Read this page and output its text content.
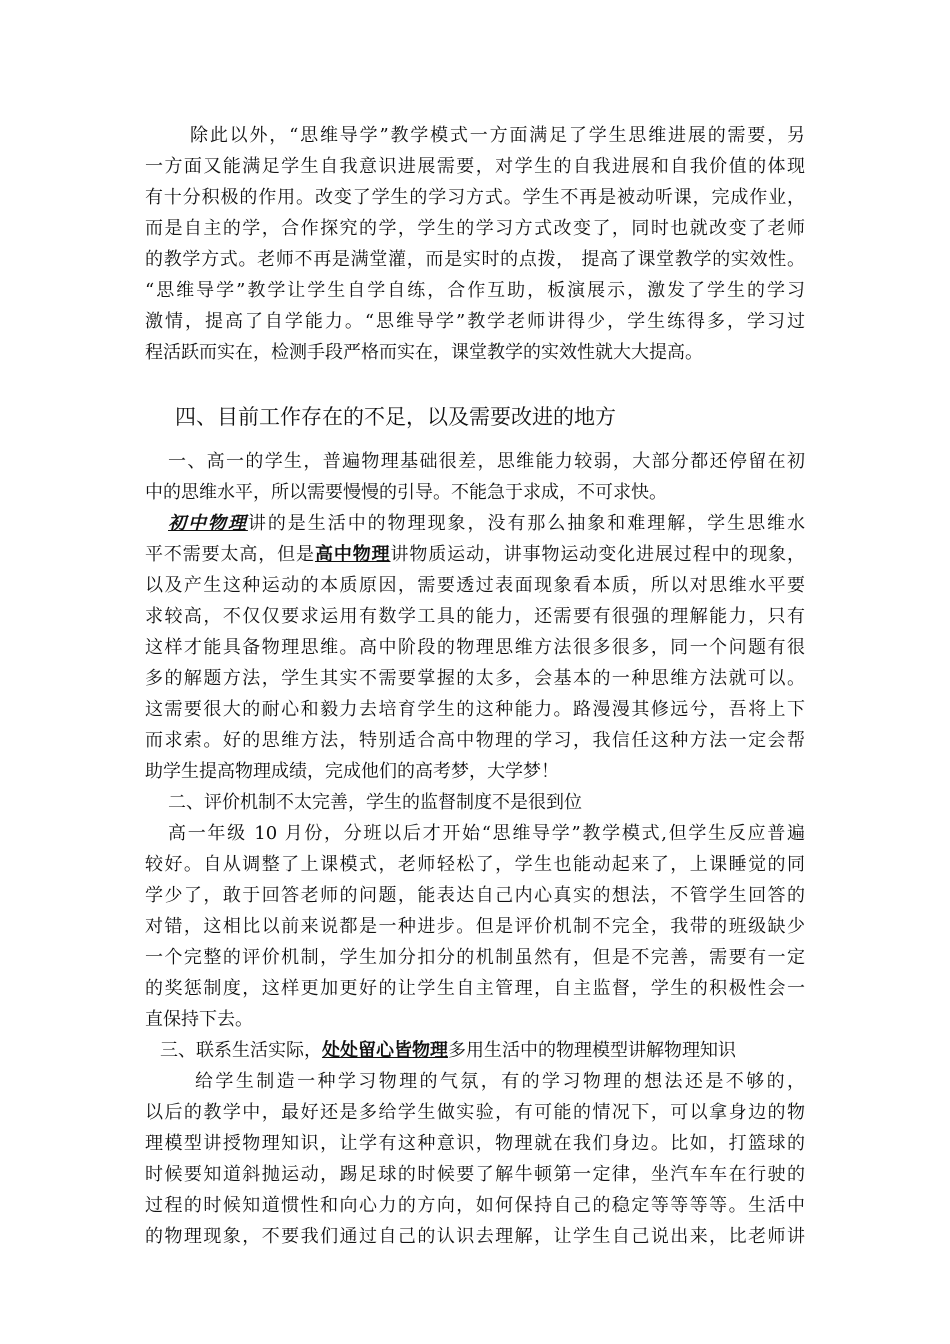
除此以外，“思维导学”教学模式一方面满足了学生思维进展的需要，另
一方面又能满足学生自我意识进展需要，对学生的自我进展和自我价值的体现
有十分积极的作用。改变了学生的学习方式。学生不再是被动听课，完成作业，
而是自主的学，合作探究的学，学生的学习方式改变了，同时也就改变了老师
的教学方式。老师不再是满堂灌，而是实时的点拨， 提高了课堂教学的实效性。
“思维导学”教学让学生自学自练，合作互助，板演展示，激发了学生的学习
激情，提高了自学能力。“思维导学”教学老师讲得少，学生练得多，学习过
程活跃而实在，检测手段严格而实在，课堂教学的实效性就大大提高。
四、目前工作存在的不足，以及需要改进的地方
一、高一的学生，普遍物理基础很差，思维能力较弱，大部分都还停留在初
中的思维水平，所以需要慢慢的引导。不能急于求成，不可求快。
初中物理讲的是生活中的物理现象，没有那么抽象和难理解，学生思维水
平不需要太高，但是高中物理讲物质运动，讲事物运动变化进展过程中的现象，
以及产生这种运动的本质原因，需要透过表面现象看本质，所以对思维水平要
求较高，不仅仅要求运用有数学工具的能力，还需要有很强的理解能力，只有
这样才能具备物理思维。高中阶段的物理思维方法很多很多，同一个问题有很
多的解题方法，学生其实不需要掌握的太多，会基本的一种思维方法就可以。
这需要很大的耐心和毅力去培育学生的这种能力。路漫漫其修远兮，吾将上下
而求索。好的思维方法，特别适合高中物理的学习，我信任这种方法一定会帮
助学生提高物理成绩，完成他们的高考梦，大学梦！
二、评价机制不太完善，学生的监督制度不是很到位
高一年级 10 月份，分班以后才开始“思维导学”教学模式,但学生反应普遍
较好。自从调整了上课模式，老师轻松了，学生也能动起来了，上课睡觉的同
学少了，敢于回答老师的问题，能表达自己内心真实的想法，不管学生回答的
对错，这相比以前来说都是一种进步。但是评价机制不完全，我带的班级缺少
一个完整的评价机制，学生加分扣分的机制虽然有，但是不完善，需要有一定
的奖惩制度，这样更加更好的让学生自主管理，自主监督，学生的积极性会一
直保持下去。
三、联系生活实际，处处留心皆物理多用生活中的物理模型讲解物理知识
给学生制造一种学习物理的气氛，有的学习物理的想法还是不够的，
以后的教学中，最好还是多给学生做实验，有可能的情况下，可以拿身边的物
理模型讲授物理知识，让学有这种意识，物理就在我们身边。比如，打篮球的
时候要知道斜抛运动，踢足球的时候要了解牛顿第一定律，坐汽车车在行驶的
过程的时候知道惯性和向心力的方向，如何保持自己的稳定等等等等。生活中
的物理现象，不要我们通过自己的认识去理解，让学生自己说出来，比老师讲
